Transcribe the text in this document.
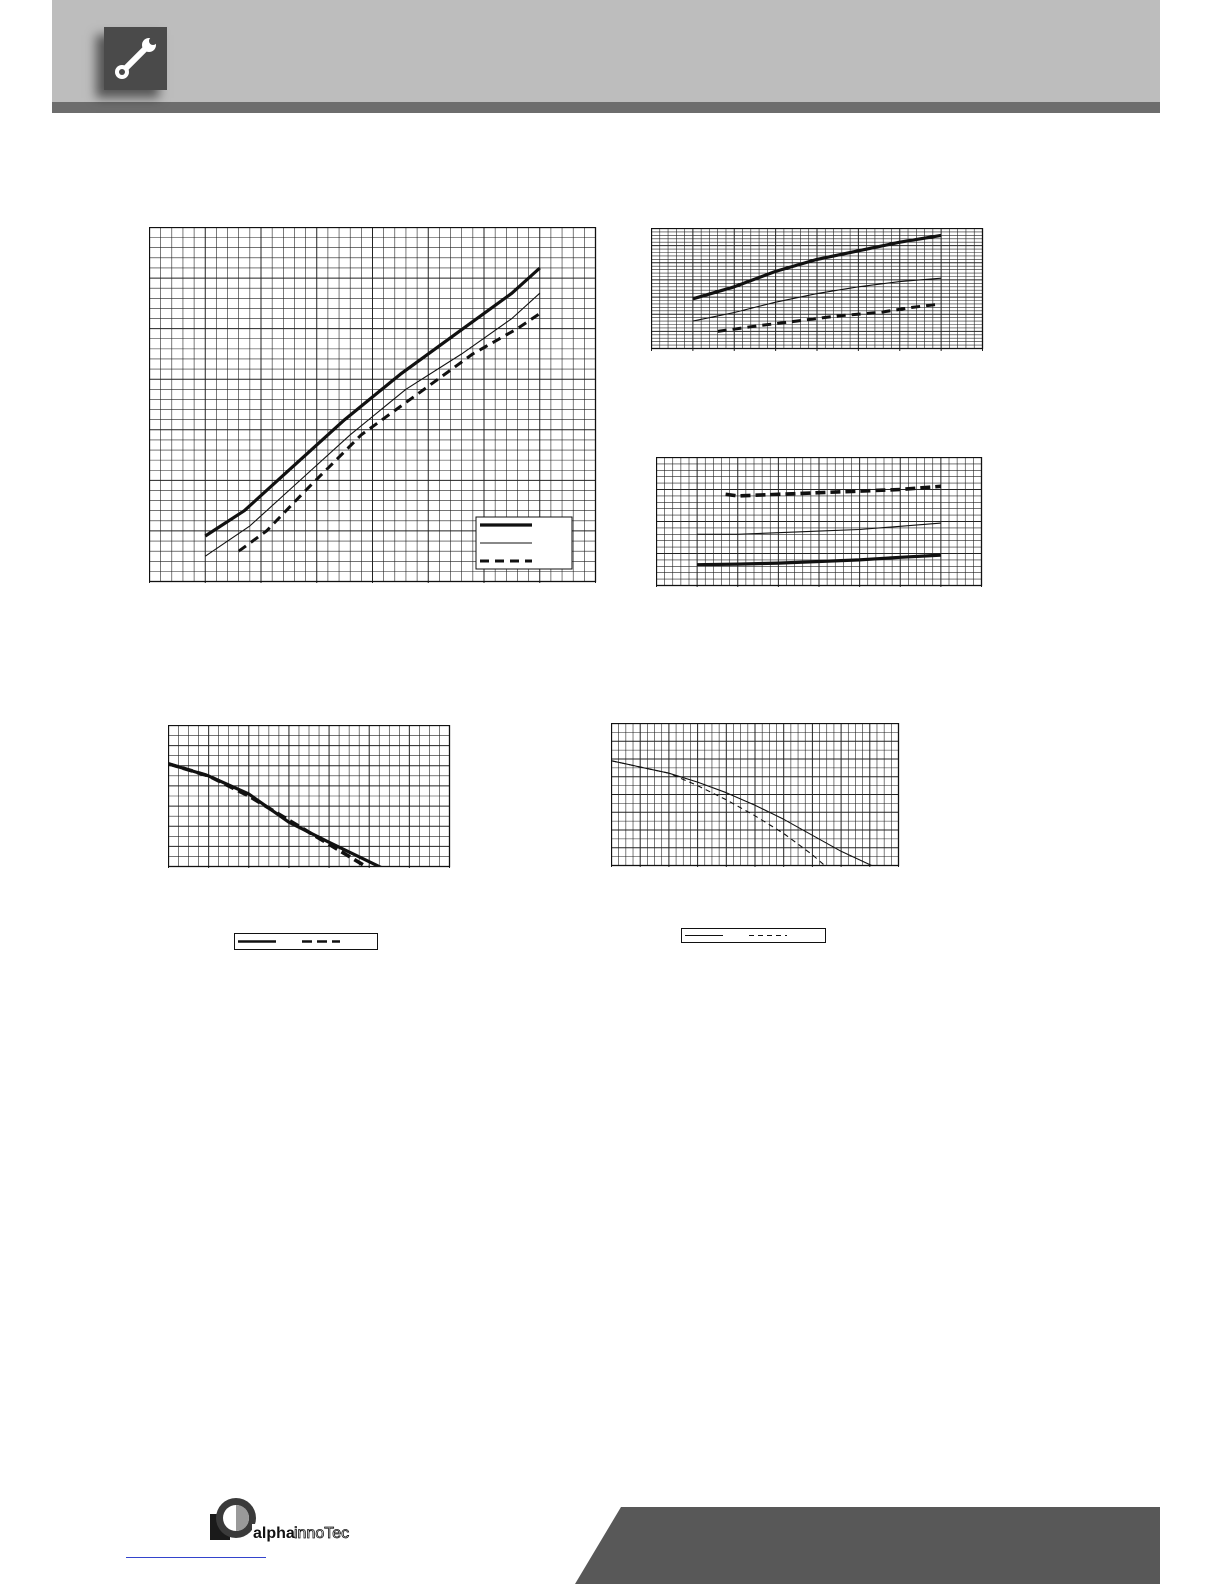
alpha innoTec
